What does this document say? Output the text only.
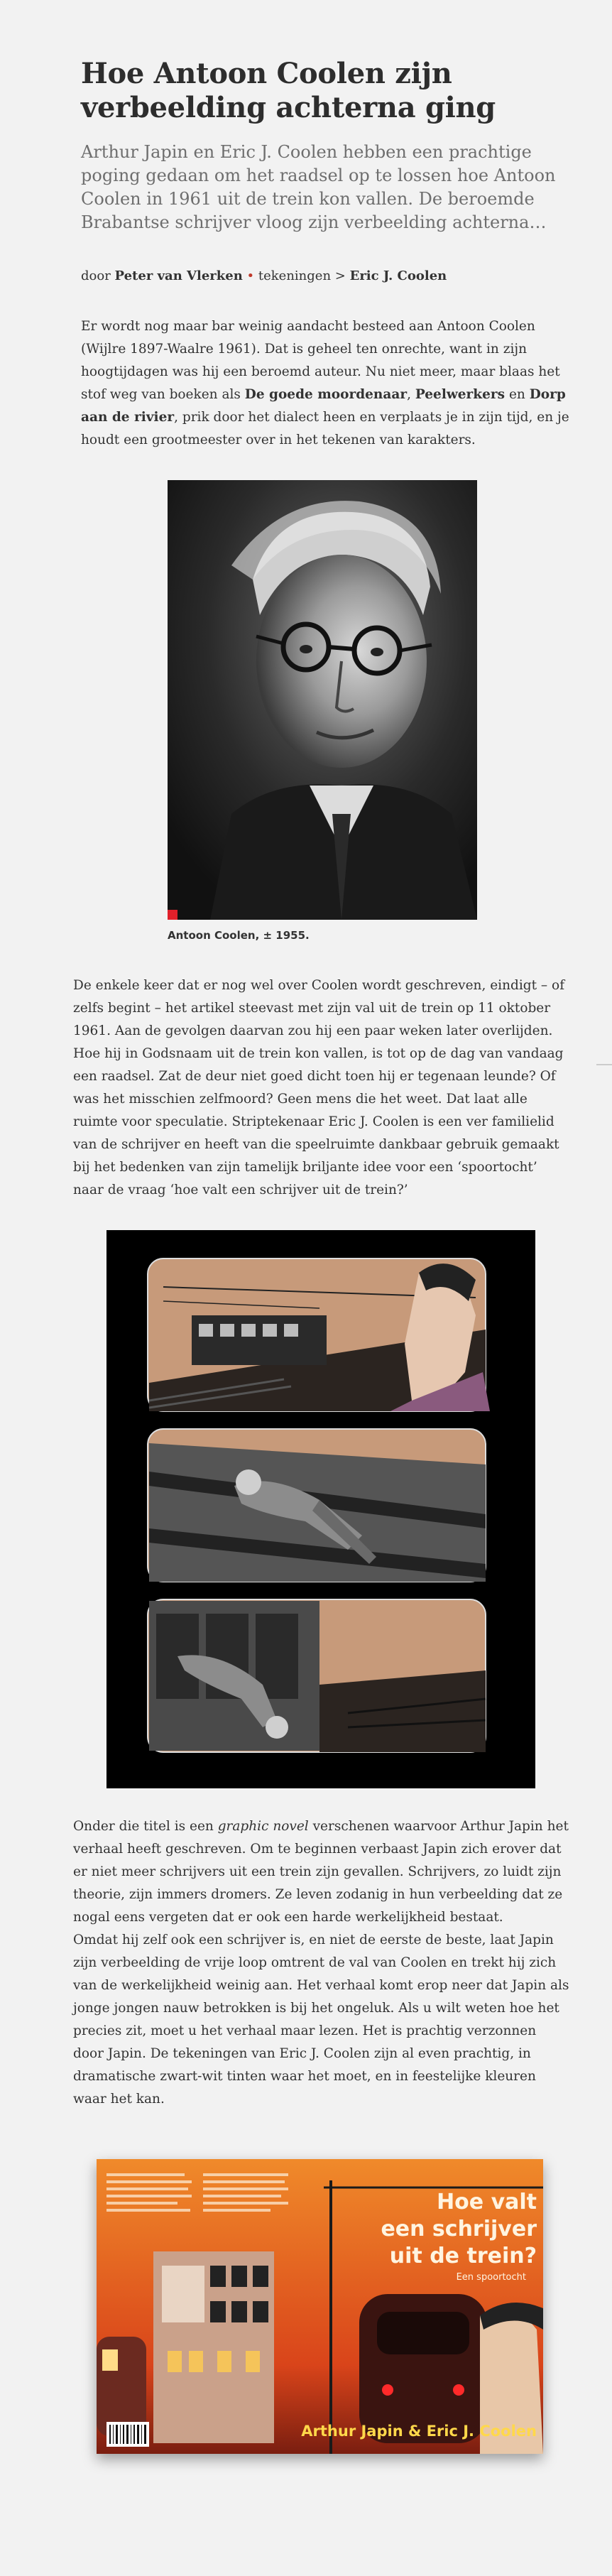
Hoe Antoon Coolen zijn verbeelding achterna ging
Arthur Japin en Eric J. Coolen hebben een prachtige poging gedaan om het raadsel op te lossen hoe Antoon Coolen in 1961 uit de trein kon vallen. De beroemde Brabantse schrijver vloog zijn verbeelding achterna…
door Peter van Vlerken • tekeningen > Eric J. Coolen
Er wordt nog maar bar weinig aandacht besteed aan Antoon Coolen (Wijlre 1897-Waalre 1961). Dat is geheel ten onrechte, want in zijn hoogtijdagen was hij een beroemd auteur. Nu niet meer, maar blaas het stof weg van boeken als De goede moordenaar, Peelwerkers en Dorp aan de rivier, prik door het dialect heen en verplaats je in zijn tijd, en je houdt een grootmeester over in het tekenen van karakters.
Antoon Coolen, ± 1955.
De enkele keer dat er nog wel over Coolen wordt geschreven, eindigt – of zelfs begint – het artikel steevast met zijn val uit de trein op 11 oktober 1961. Aan de gevolgen daarvan zou hij een paar weken later overlijden. Hoe hij in Godsnaam uit de trein kon vallen, is tot op de dag van vandaag een raadsel. Zat de deur niet goed dicht toen hij er tegenaan leunde? Of was het misschien zelfmoord? Geen mens die het weet. Dat laat alle ruimte voor speculatie. Striptekenaar Eric J. Coolen is een ver familielid van de schrijver en heeft van die speelruimte dankbaar gebruik gemaakt bij het bedenken van zijn tamelijk briljante idee voor een ‘spoortocht’ naar de vraag ‘hoe valt een schrijver uit de trein?’
Onder die titel is een graphic novel verschenen waarvoor Arthur Japin het verhaal heeft geschreven. Om te beginnen verbaast Japin zich erover dat er niet meer schrijvers uit een trein zijn gevallen. Schrijvers, zo luidt zijn theorie, zijn immers dromers. Ze leven zodanig in hun verbeelding dat ze nogal eens vergeten dat er ook een harde werkelijkheid bestaat.
Omdat hij zelf ook een schrijver is, en niet de eerste de beste, laat Japin zijn verbeelding de vrije loop omtrent de val van Coolen en trekt hij zich van de werkelijkheid weinig aan. Het verhaal komt erop neer dat Japin als jonge jongen nauw betrokken is bij het ongeluk. Als u wilt weten hoe het precies zit, moet u het verhaal maar lezen. Het is prachtig verzonnen door Japin. De tekeningen van Eric J. Coolen zijn al even prachtig, in dramatische zwart-wit tinten waar het moet, en in feestelijke kleuren waar het kan.
Hoe valt
een schrijver
uit de trein?
Een spoortocht
Arthur Japin & Eric J. Coolen
